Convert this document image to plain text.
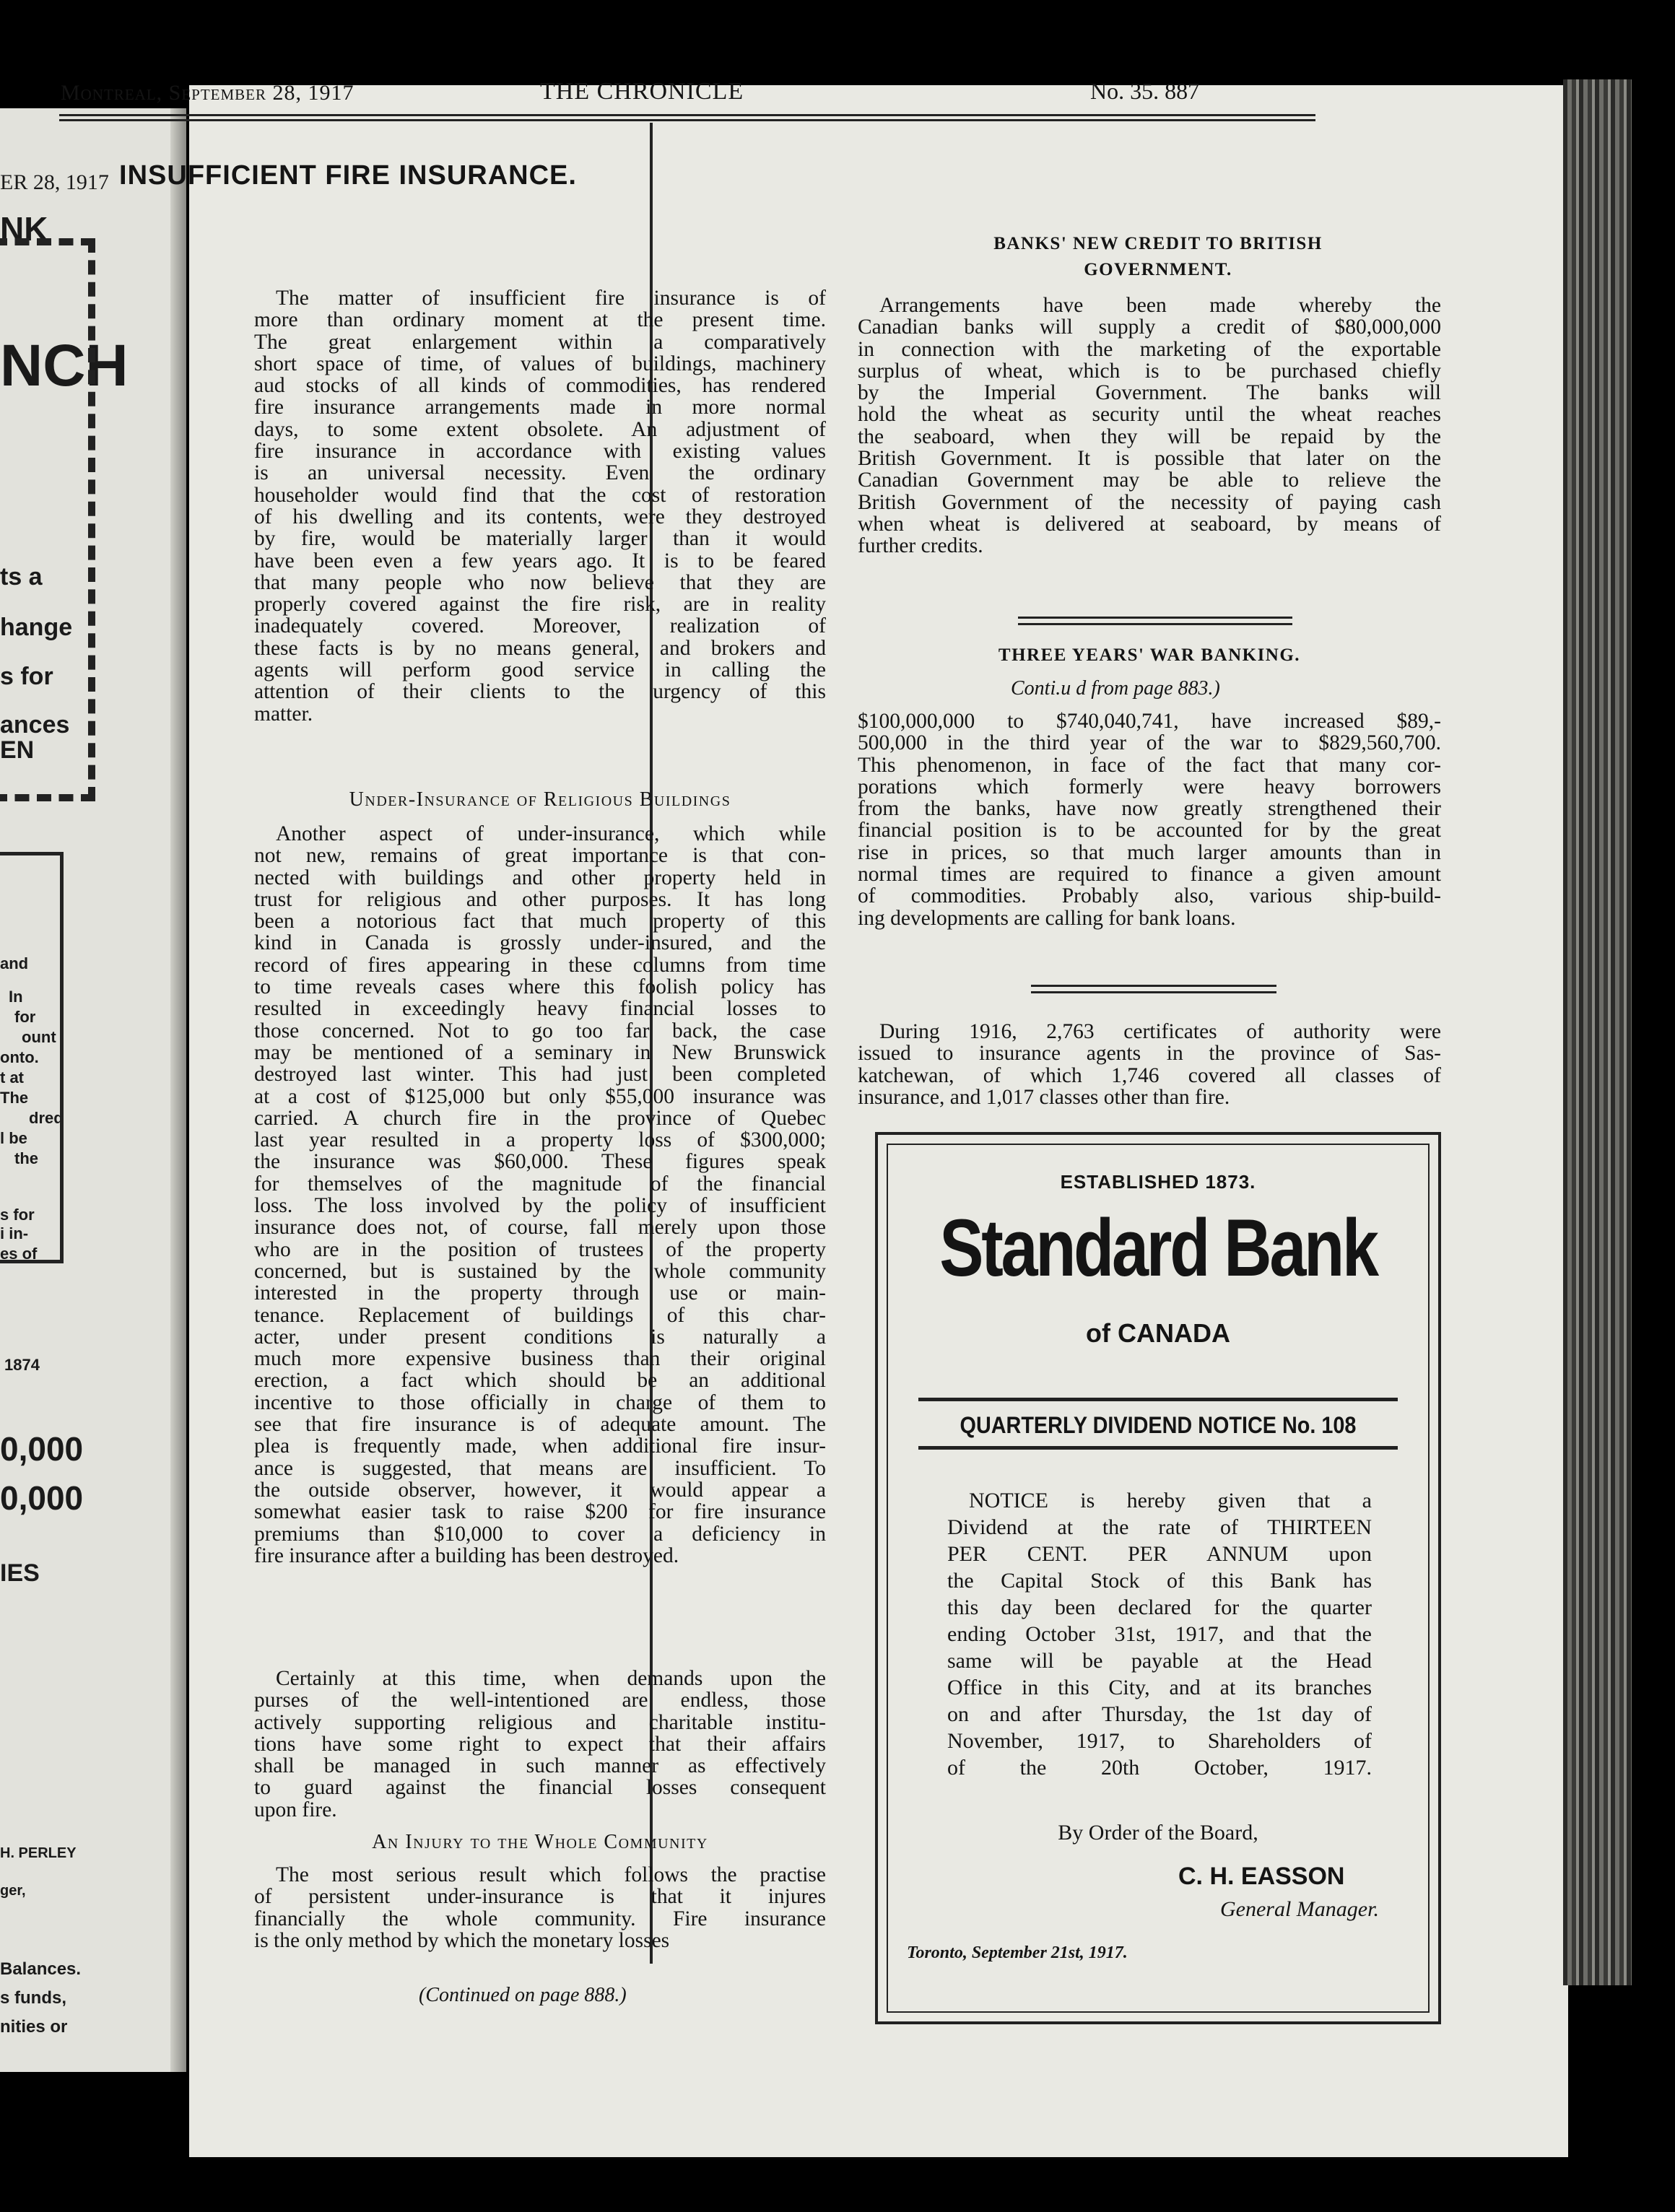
ER 28, 1917
NK
NCH
ts a
hange
s for
ances
EN
and
In
for
ount
onto.
t at
The
dred
l be
the
s for
i in-
es of
1874
0,000
0,000
IES
H. PERLEY
ger,
Balances.
s funds,
nities or
Montreal, September 28, 1917	THE CHRONICLE	No. 35. 887
INSUFFICIENT FIRE INSURANCE.
The matter of insufficient fire insurance is of
more than ordinary moment at the present time.
The great enlargement within a comparatively
short space of time, of values of buildings, machinery
aud stocks of all kinds of commodities, has rendered
fire insurance arrangements made in more normal
days, to some extent obsolete. An adjustment of
fire insurance in accordance with existing values
is an universal necessity. Even the ordinary
householder would find that the cost of restoration
of his dwelling and its contents, were they destroyed
by fire, would be materially larger than it would
have been even a few years ago. It is to be feared
that many people who now believe that they are
properly covered against the fire risk, are in reality
inadequately covered. Moreover, realization of
these facts is by no means general, and brokers and
agents will perform good service in calling the
attention of their clients to the urgency of this
matter.
Under-Insurance of Religious Buildings
Another aspect of under-insurance, which while
not new, remains of great importance is that con-
nected with buildings and other property held in
trust for religious and other purposes. It has long
been a notorious fact that much property of this
kind in Canada is grossly under-insured, and the
record of fires appearing in these columns from time
to time reveals cases where this foolish policy has
resulted in exceedingly heavy financial losses to
those concerned. Not to go too far back, the case
may be mentioned of a seminary in New Brunswick
destroyed last winter. This had just been completed
at a cost of $125,000 but only $55,000 insurance was
carried. A church fire in the province of Quebec
last year resulted in a property loss of $300,000;
the insurance was $60,000. These figures speak
for themselves of the magnitude of the financial
loss. The loss involved by the policy of insufficient
insurance does not, of course, fall merely upon those
who are in the position of trustees of the property
concerned, but is sustained by the whole community
interested in the property through use or main-
tenance. Replacement of buildings of this char-
acter, under present conditions is naturally a
much more expensive business than their original
erection, a fact which should be an additional
incentive to those officially in charge of them to
see that fire insurance is of adequate amount. The
plea is frequently made, when additional fire insur-
ance is suggested, that means are insufficient. To
the outside observer, however, it would appear a
somewhat easier task to raise $200 for fire insurance
premiums than $10,000 to cover a deficiency in
fire insurance after a building has been destroyed.
Certainly at this time, when demands upon the
purses of the well-intentioned are endless, those
actively supporting religious and charitable institu-
tions have some right to expect that their affairs
shall be managed in such manner as effectively
to guard against the financial losses consequent
upon fire.
An Injury to the Whole Community
The most serious result which follows the practise
of persistent under-insurance is that it injures
financially the whole community. Fire insurance
is the only method by which the monetary losses
(Continued on page 888.)
BANKS' NEW CREDIT TO BRITISH
GOVERNMENT.
Arrangements have been made whereby the
Canadian banks will supply a credit of $80,000,000
in connection with the marketing of the exportable
surplus of wheat, which is to be purchased chiefly
by the Imperial Government. The banks will
hold the wheat as security until the wheat reaches
the seaboard, when they will be repaid by the
British Government. It is possible that later on the
Canadian Government may be able to relieve the
British Government of the necessity of paying cash
when wheat is delivered at seaboard, by means of
further credits.
THREE YEARS' WAR BANKING.
Conti.u d from page 883.)
$100,000,000 to $740,040,741, have increased $89,-
500,000 in the third year of the war to $829,560,700.
This phenomenon, in face of the fact that many cor-
porations which formerly were heavy borrowers
from the banks, have now greatly strengthened their
financial position is to be accounted for by the great
rise in prices, so that much larger amounts than in
normal times are required to finance a given amount
of commodities. Probably also, various ship-build-
ing developments are calling for bank loans.
During 1916, 2,763 certificates of authority were
issued to insurance agents in the province of Sas-
katchewan, of which 1,746 covered all classes of
insurance, and 1,017 classes other than fire.
ESTABLISHED 1873.
Standard Bank
of CANADA
QUARTERLY DIVIDEND NOTICE No. 108
NOTICE is hereby given that a
Dividend at the rate of THIRTEEN
PER CENT. PER ANNUM upon
the Capital Stock of this Bank has
this day been declared for the quarter
ending October 31st, 1917, and that the
same will be payable at the Head
Office in this City, and at its branches
on and after Thursday, the 1st day of
November, 1917, to Shareholders of
of the 20th October, 1917.
By Order of the Board,
C. H. EASSON
General Manager.
Toronto, September 21st, 1917.
